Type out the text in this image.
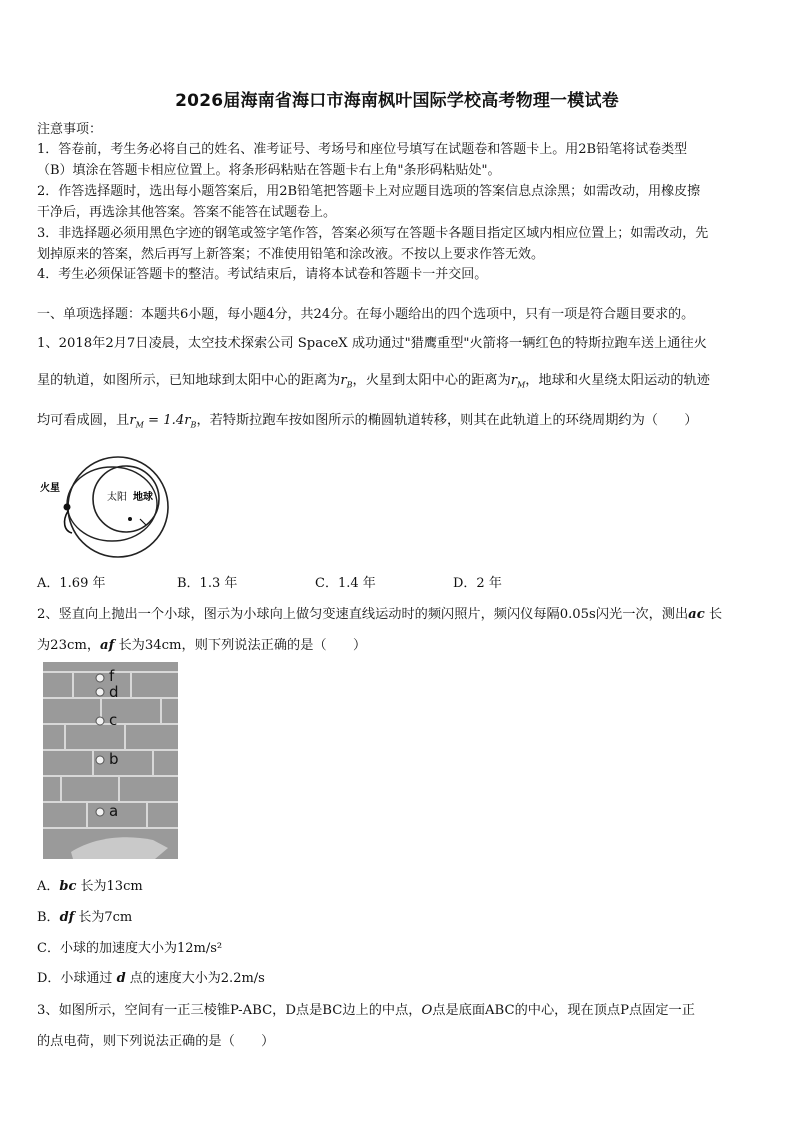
2026届海南省海口市海南枫叶国际学校高考物理一模试卷
注意事项：
1．答卷前，考生务必将自己的姓名、准考证号、考场号和座位号填写在试题卷和答题卡上。用2B铅笔将试卷类型
（B）填涂在答题卡相应位置上。将条形码粘贴在答题卡右上角"条形码粘贴处"。
2．作答选择题时，选出每小题答案后，用2B铅笔把答题卡上对应题目选项的答案信息点涂黑；如需改动，用橡皮擦
干净后，再选涂其他答案。答案不能答在试题卷上。
3．非选择题必须用黑色字迹的钢笔或签字笔作答，答案必须写在答题卡各题目指定区域内相应位置上；如需改动，先
划掉原来的答案，然后再写上新答案；不准使用铅笔和涂改液。不按以上要求作答无效。
4．考生必须保证答题卡的整洁。考试结束后，请将本试卷和答题卡一并交回。
一、单项选择题：本题共6小题，每小题4分，共24分。在每小题给出的四个选项中，只有一项是符合题目要求的。
1、2018年2月7日凌晨，太空技术探索公司 SpaceX 成功通过"猎鹰重型"火箭将一辆红色的特斯拉跑车送上通往火
星的轨道，如图所示，已知地球到太阳中心的距离为$r_B$，火星到太阳中心的距离为$r_M$，地球和火星绕太阳运动的轨迹
均可看成圆，且$r_M = 1.4r_B$，若特斯拉跑车按如图所示的椭圆轨道转移，则其在此轨道上的环绕周期约为（　　）
火星
太阳 地球
A．1.69 年	B．1.3 年	C．1.4 年	D．2 年
2、竖直向上抛出一个小球，图示为小球向上做匀变速直线运动时的频闪照片，频闪仪每隔0.05s闪光一次，测出ac 长
为23cm，af 长为34cm，则下列说法正确的是（　　）
f
d
c
b
a
A．bc 长为13cm
B．df 长为7cm
C．小球的加速度大小为12m/s²
D．小球通过 d 点的速度大小为2.2m/s
3、如图所示，空间有一正三棱锥P-ABC，D点是BC边上的中点，O点是底面ABC的中心，现在顶点P点固定一正
的点电荷，则下列说法正确的是（　　）
